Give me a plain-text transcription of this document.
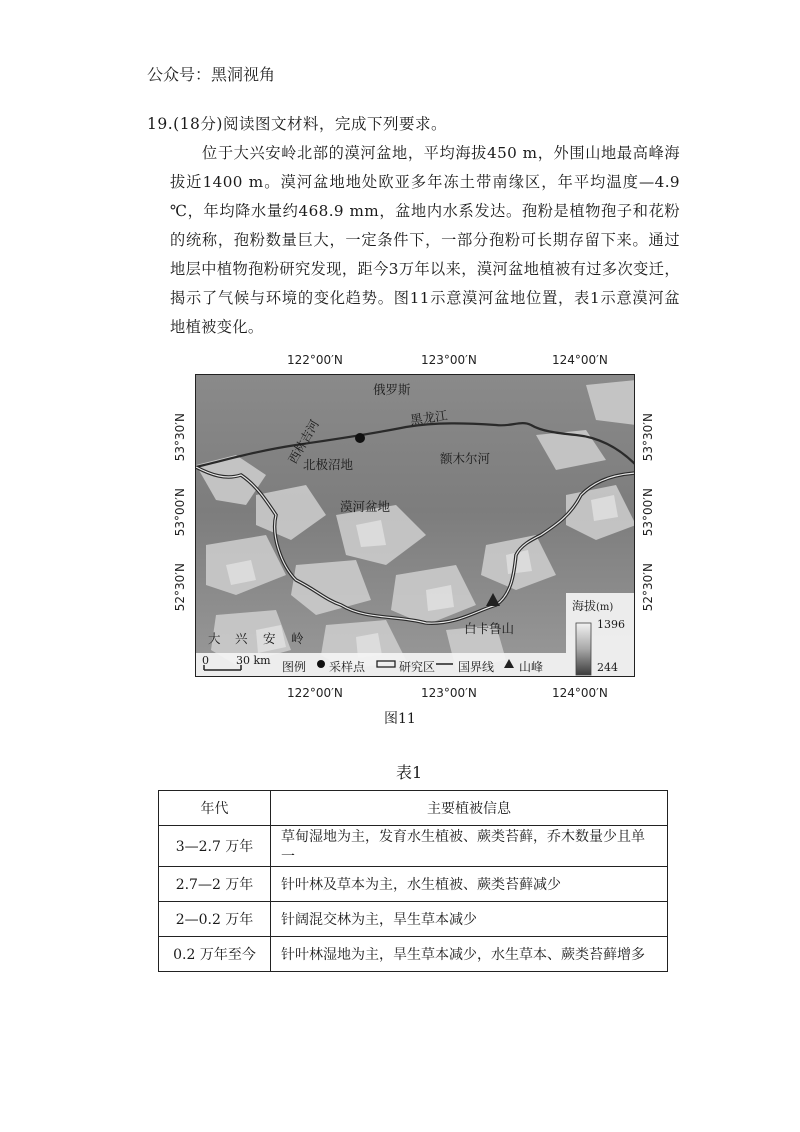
公众号：黑洞视角
19.(18分)阅读图文材料，完成下列要求。
位于大兴安岭北部的漠河盆地，平均海拔450 m，外围山地最高峰海拔近1400 m。漠河盆地地处欧亚多年冻土带南缘区，年平均温度—4.9 ℃，年均降水量约468.9 mm，盆地内水系发达。孢粉是植物孢子和花粉的统称，孢粉数量巨大，一定条件下，一部分孢粉可长期存留下来。通过地层中植物孢粉研究发现，距今3万年以来，漠河盆地植被有过多次变迁，揭示了气候与环境的变化趋势。图11示意漠河盆地位置，表1示意漠河盆地植被变化。
122°00′N	123°00′N	124°00′N
122°00′N	123°00′N	124°00′N
53°30′N
53°00′N
52°30′N
53°30′N
53°00′N
52°30′N
俄罗斯
黑龙江
额木尔河
北极沼地
漠河盆地
西林吉河
白卡鲁山
大 兴 安 岭
海拔(m)
1396
244
0 30 km 图例 采样点	研究区 国界线 山峰
图11
表1
年代	主要植被信息
3—2.7 万年	草甸湿地为主，发育水生植被、蕨类苔藓，乔木数量少且单一
2.7—2 万年	针叶林及草本为主，水生植被、蕨类苔藓减少
2—0.2 万年	针阔混交林为主，旱生草本减少
0.2 万年至今	针叶林湿地为主，旱生草本减少，水生草本、蕨类苔藓增多
